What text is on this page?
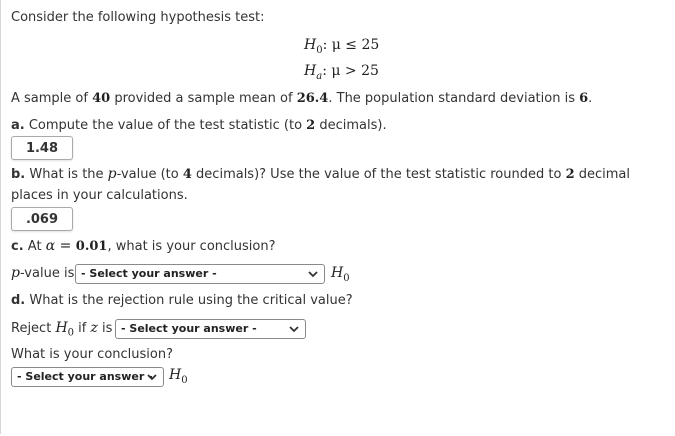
Consider the following hypothesis test:
$H_0$: μ ≤ 25
$H_a$: μ > 25
A sample of 40 provided a sample mean of 26.4. The population standard deviation is 6.
a. Compute the value of the test statistic (to 2 decimals).
1.48
b. What is the p-value (to 4 decimals)? Use the value of the test statistic rounded to 2 decimal places in your calculations.
.069
c. At α = 0.01, what is your conclusion?
p-value is - Select your answer -	$H_0$
d. What is the rejection rule using the critical value?
Reject $H_0$ if z is - Select your answer -
What is your conclusion?
- Select your answer -	$H_0$
